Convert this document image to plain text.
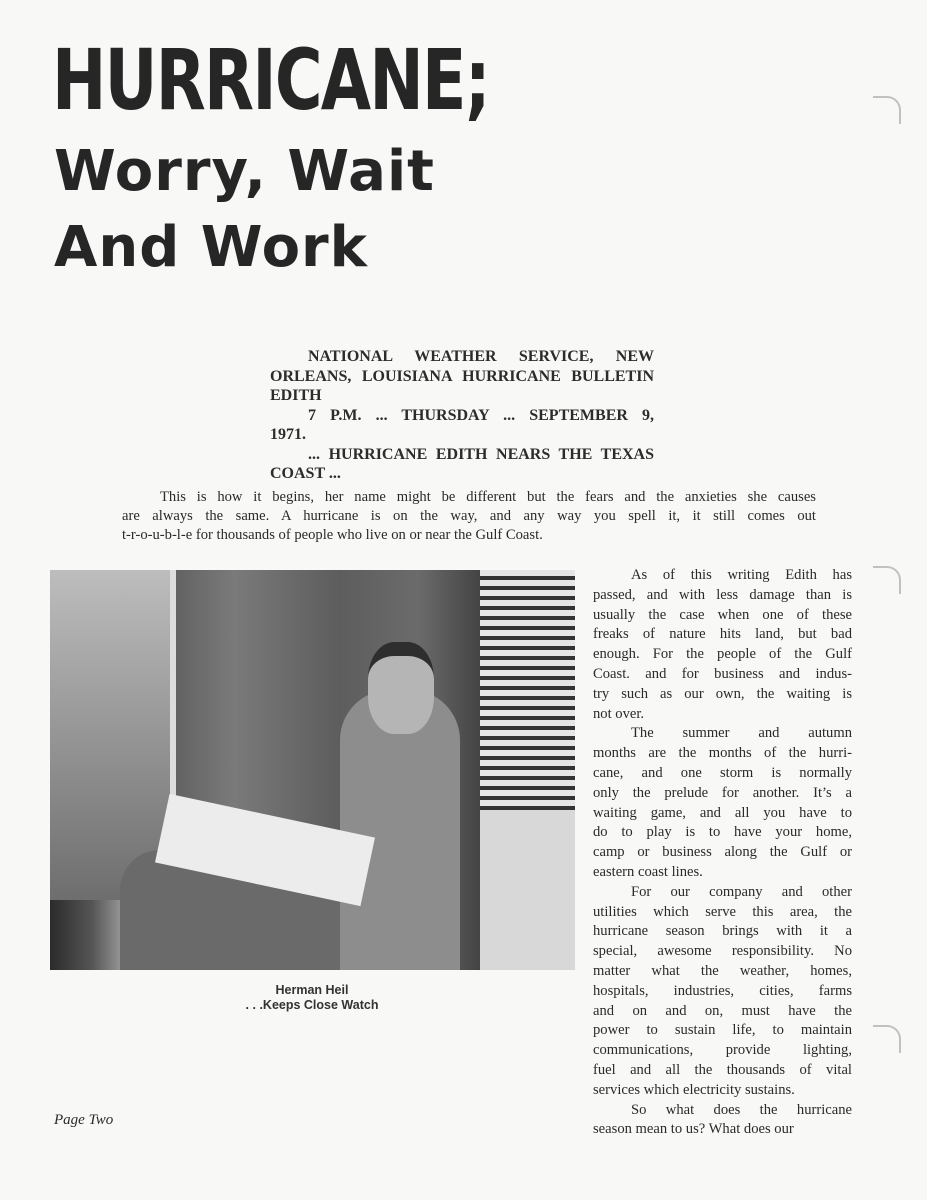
HURRICANE;
Worry, Wait
And Work
NATIONAL WEATHER SERVICE, NEW
ORLEANS, LOUISIANA HURRICANE BULLETIN
EDITH
7 P.M. ... THURSDAY ... SEPTEMBER 9,
1971.
... HURRICANE EDITH NEARS THE TEXAS
COAST ...
This is how it begins, her name might be different but the fears and the anxieties she causes
are always the same. A hurricane is on the way, and any way you spell it, it still comes out
t-r-o-u-b-l-e for thousands of people who live on or near the Gulf Coast.
Herman Heil
. . .Keeps Close Watch
As of this writing Edith has
passed, and with less damage than is
usually the case when one of these
freaks of nature hits land, but bad
enough. For the people of the Gulf
Coast. and for business and indus-
try such as our own, the waiting is
not over.
The summer and autumn
months are the months of the hurri-
cane, and one storm is normally
only the prelude for another. It’s a
waiting game, and all you have to
do to play is to have your home,
camp or business along the Gulf or
eastern coast lines.
For our company and other
utilities which serve this area, the
hurricane season brings with it a
special, awesome responsibility. No
matter what the weather, homes,
hospitals, industries, cities, farms
and on and on, must have the
power to sustain life, to maintain
communications, provide lighting,
fuel and all the thousands of vital
services which electricity sustains.
So what does the hurricane
season mean to us? What does our
Page Two
